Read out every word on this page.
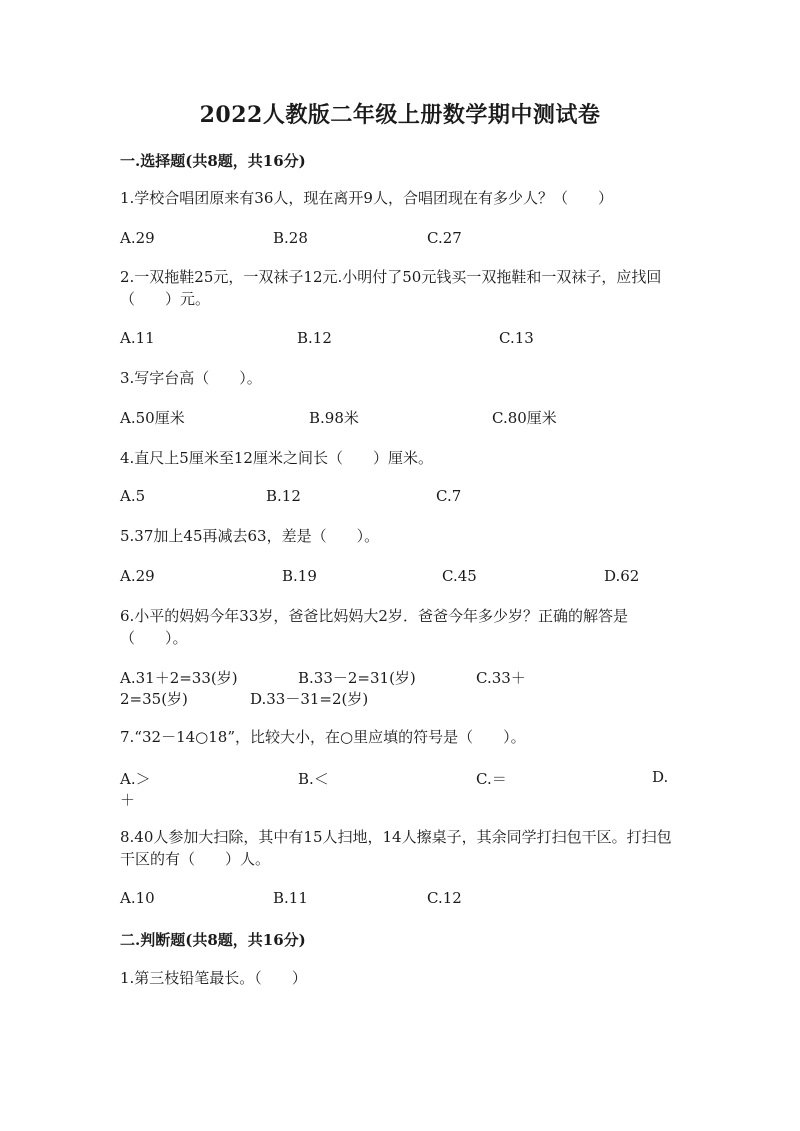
2022人教版二年级上册数学期中测试卷
一.选择题(共8题，共16分)
1.学校合唱团原来有36人，现在离开9人，合唱团现在有多少人？（　　）
A.29	B.28	C.27
2.一双拖鞋25元，一双袜子12元.小明付了50元钱买一双拖鞋和一双袜子，应找回（　　）元。
A.11	B.12	C.13
3.写字台高（　　）。
A.50厘米	B.98米	C.80厘米
4.直尺上5厘米至12厘米之间长（　　）厘米。
A.5	B.12	C.7
5.37加上45再减去63，差是（　　）。
A.29	B.19	C.45	D.62
6.小平的妈妈今年33岁，爸爸比妈妈大2岁．爸爸今年多少岁？正确的解答是（　　）。
A.31＋2=33(岁)	B.33－2=31(岁)	C.33＋
2=35(岁)	D.33－31=2(岁)
7.“32－14○18”，比较大小，在○里应填的符号是（　　）。
A.＞	B.＜	C.＝	D.
＋
8.40人参加大扫除，其中有15人扫地，14人擦桌子，其余同学打扫包干区。打扫包干区的有（　　）人。
A.10	B.11	C.12
二.判断题(共8题，共16分)
1.第三枝铅笔最长。（　　）
